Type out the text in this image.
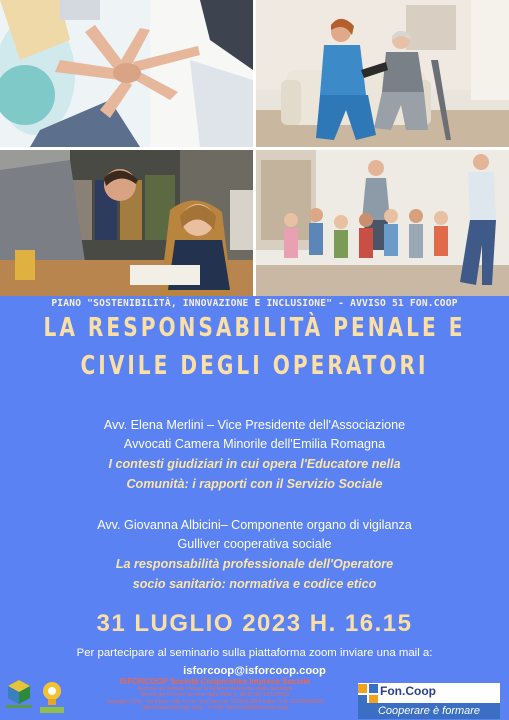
PIANO "SOSTENIBILITÀ, INNOVAZIONE E INCLUSIONE" - AVVISO 51 FON.COOP
LA RESPONSABILITÀ PENALE E
CIVILE DEGLI OPERATORI
Avv. Elena Merlini – Vice Presidente dell'Associazione
Avvocati Camera Minorile dell'Emilia Romagna
I contesti giudiziari in cui opera l'Educatore nella
Comunità: i rapporti con il Servizio Sociale
Avv. Giovanna Albicini– Componente organo di vigilanza
Gulliver cooperativa sociale
La responsabilità professionale dell'Operatore
socio sanitario: normativa e codice etico
31 LUGLIO 2023 H. 16.15
Per partecipare al seminario sulla piattaforma zoom inviare una mail a:
isforcoop@isforcoop.coop
ISFORCOOP Società Cooperativa Impresa Sociale
Agenzia accreditata presso la Regione Autonoma della Sardegna
Servizi per il lavoro ai sensi della DGR n. 48/15 del 11/12/2012
Selargius (CA) - via Efisio Lobi, 6 Loc. Su Planu tel. 070541169 Partita I.V.A. 01376410920
http://www.isforcoop.coop - e-mail: isforcoop@isforcoop.coop
Fon.Coop
Cooperare è formare
